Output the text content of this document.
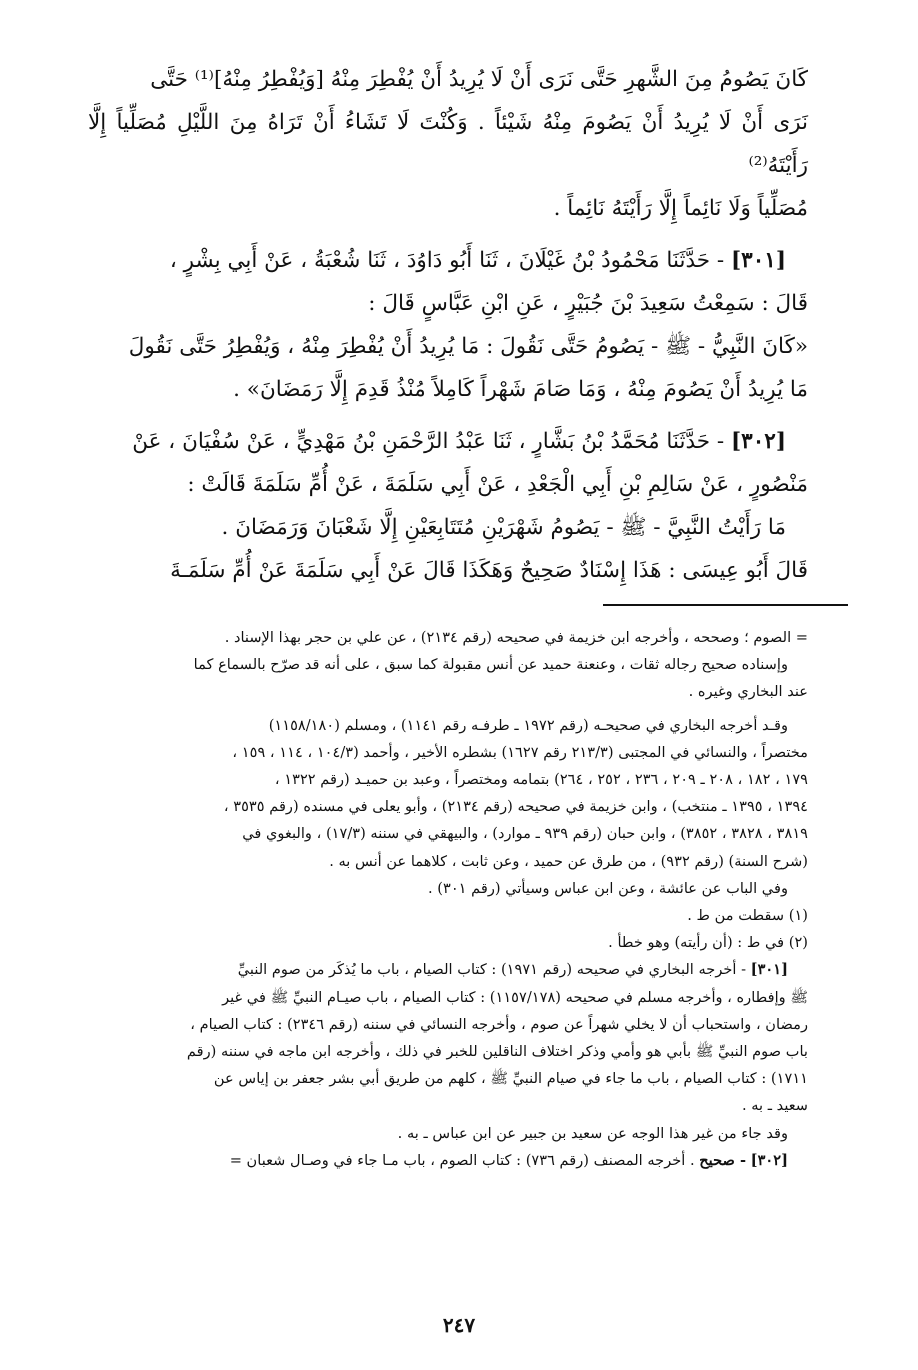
كَانَ يَصُومُ مِنَ الشَّهرِ حَتَّى نَرَى أَنْ لَا يُرِيدُ أَنْ يُفْطِرَ مِنْهُ [وَيُفْطِرُ مِنْهُ]⁽¹⁾ حَتَّى

نَرَى أَنْ لَا يُرِيدُ أَنْ يَصُومَ مِنْهُ شَيْئاً . وَكُنْتَ لَا تَشَاءُ أَنْ تَرَاهُ مِنَ اللَّيْلِ مُصَلِّياً إِلَّا رَأَيْتَهُ⁽²⁾

مُصَلِّياً وَلَا نَائِماً إِلَّا رَأَيْتَهُ نَائِماً .

[٣٠١] - حَدَّثَنَا مَحْمُودُ بْنُ غَيْلَانَ ، ثَنَا أَبُو دَاوُدَ ، ثَنَا شُعْبَةُ ، عَنْ أَبِي بِشْرٍ ،

قَالَ : سَمِعْتُ سَعِيدَ بْنَ جُبَيْرٍ ، عَنِ ابْنِ عَبَّاسٍ قَالَ :

«كَانَ النَّبِيُّ - ﷺ - يَصُومُ حَتَّى نَقُولَ : مَا يُرِيدُ أَنْ يُفْطِرَ مِنْهُ ، وَيُفْطِرُ حَتَّى نَقُولَ

مَا يُرِيدُ أَنْ يَصُومَ مِنْهُ ، وَمَا صَامَ شَهْراً كَامِلاً مُنْذُ قَدِمَ إِلَّا رَمَضَانَ» .

[٣٠٢] - حَدَّثَنَا مُحَمَّدُ بْنُ بَشَّارٍ ، ثَنَا عَبْدُ الرَّحْمَنِ بْنُ مَهْدِيٍّ ، عَنْ سُفْيَانَ ، عَنْ

مَنْصُورٍ ، عَنْ سَالِمِ بْنِ أَبِي الْجَعْدِ ، عَنْ أَبِي سَلَمَةَ ، عَنْ أُمِّ سَلَمَةَ قَالَتْ :

مَا رَأَيْتُ النَّبِيَّ - ﷺ - يَصُومُ شَهْرَيْنِ مُتَتَابِعَيْنِ إِلَّا شَعْبَانَ وَرَمَضَانَ .

قَالَ أَبُو عِيسَى : هَذَا إِسْنَادٌ صَحِيحٌ وَهَكَذَا قَالَ عَنْ أَبِي سَلَمَةَ عَنْ أُمِّ سَلَمَـةَ

= الصوم ؛ وصححه ، وأخرجه ابن خزيمة في صحيحه (رقم ٢١٣٤) ، عن علي بن حجر بهذا الإسناد .

وإسناده صحيح رجاله ثقات ، وعنعنة حميد عن أنس مقبولة كما سبق ، على أنه قد صرّح بالسماع كما

عند البخاري وغيره .

وقـد أخرجه البخاري في صحيحـه (رقم ١٩٧٢ ـ طرفـه رقم ١١٤١) ، ومسلم (١١٥٨/١٨٠)

مختصراً ، والنسائي في المجتبى (٢١٣/٣ رقم ١٦٢٧) بشطره الأخير ، وأحمد (١٠٤/٣ ، ١١٤ ، ١٥٩ ،

١٧٩ ، ١٨٢ ، ٢٠٨ ـ ٢٠٩ ، ٢٣٦ ، ٢٥٢ ، ٢٦٤) بتمامه ومختصراً ، وعبد بن حميـد (رقم ١٣٢٢ ،

١٣٩٤ ، ١٣٩٥ ـ منتخب) ، وابن خزيمة في صحيحه (رقم ٢١٣٤) ، وأبو يعلى في مسنده (رقم ٣٥٣٥ ،

٣٨١٩ ، ٣٨٢٨ ، ٣٨٥٢) ، وابن حبان (رقم ٩٣٩ ـ موارد) ، والبيهقي في سننه (١٧/٣) ، والبغوي في

(شرح السنة) (رقم ٩٣٢) ، من طرق عن حميد ، وعن ثابت ، كلاهما عن أنس به .

وفي الباب عن عائشة ، وعن ابن عباس وسيأتي (رقم ٣٠١) .

(١) سقطت من ط .

(٢) في ط : (أن رأيته) وهو خطأ .

[٣٠١] - أخرجه البخاري في صحيحه (رقم ١٩٧١) : كتاب الصيام ، باب ما يُذكَر من صوم النبيِّ

ﷺ وإفطاره ، وأخرجه مسلم في صحيحه (١١٥٧/١٧٨) : كتاب الصيام ، باب صيـام النبيِّ ﷺ في غير

رمضان ، واستحباب أن لا يخلي شهراً عن صوم ، وأخرجه النسائي في سننه (رقم ٢٣٤٦) : كتاب الصيام ،

باب صوم النبيِّ ﷺ بأبي هو وأمي وذكر اختلاف الناقلين للخبر في ذلك ، وأخرجه ابن ماجه في سننه (رقم

١٧١١) : كتاب الصيام ، باب ما جاء في صيام النبيِّ ﷺ ، كلهم من طريق أبي بشر جعفر بن إياس عن

سعيد ـ به .

وقد جاء من غير هذا الوجه عن سعيد بن جبير عن ابن عباس ـ به .

[٣٠٢] - صحيح . أخرجه المصنف (رقم ٧٣٦) : كتاب الصوم ، باب مـا جاء في وصـال شعبان =

٢٤٧
